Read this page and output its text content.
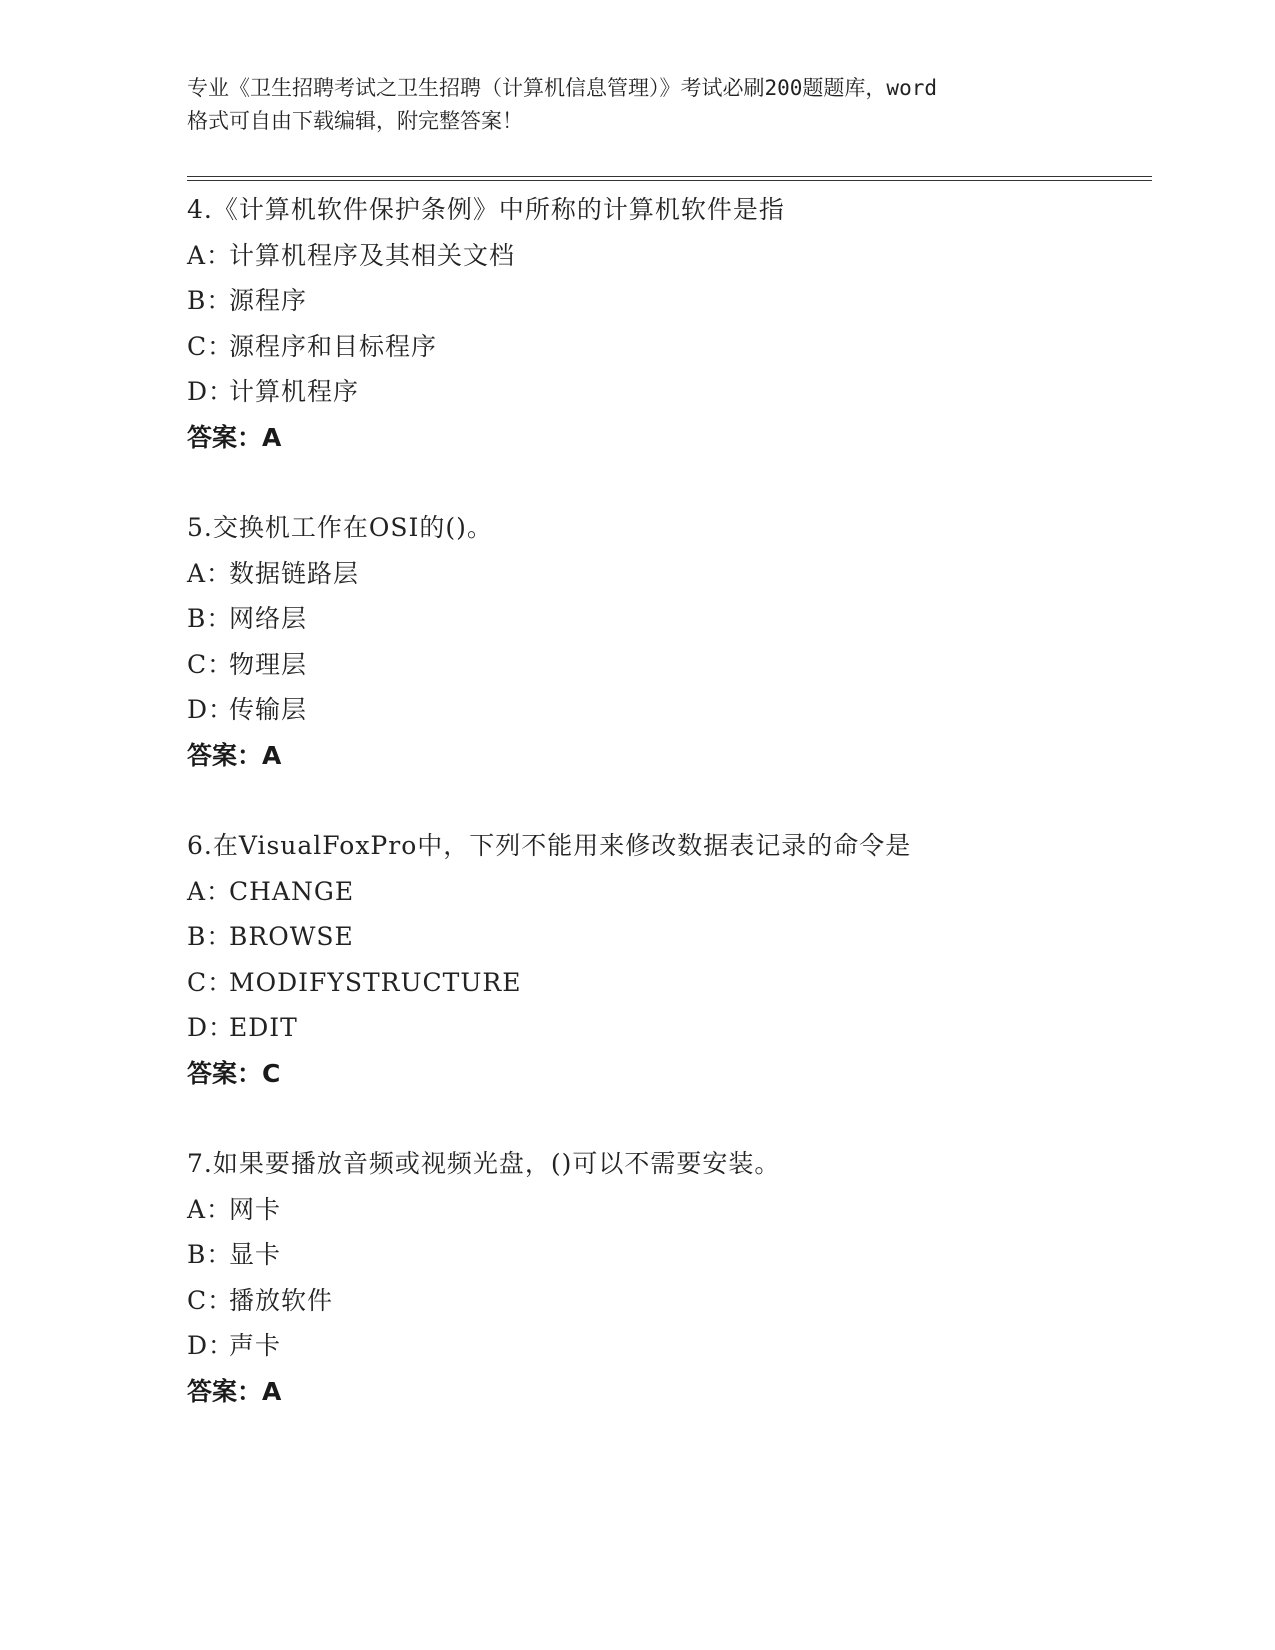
专业《卫生招聘考试之卫生招聘（计算机信息管理）》考试必刷200题题库，word
格式可自由下载编辑，附完整答案！
4.《计算机软件保护条例》中所称的计算机软件是指
A：计算机程序及其相关文档
B：源程序
C：源程序和目标程序
D：计算机程序
答案：A
5.交换机工作在OSI的()。
A：数据链路层
B：网络层
C：物理层
D：传输层
答案：A
6.在VisualFoxPro中，下列不能用来修改数据表记录的命令是
A：CHANGE
B：BROWSE
C：MODIFYSTRUCTURE
D：EDIT
答案：C
7.如果要播放音频或视频光盘，()可以不需要安装。
A：网卡
B：显卡
C：播放软件
D：声卡
答案：A
